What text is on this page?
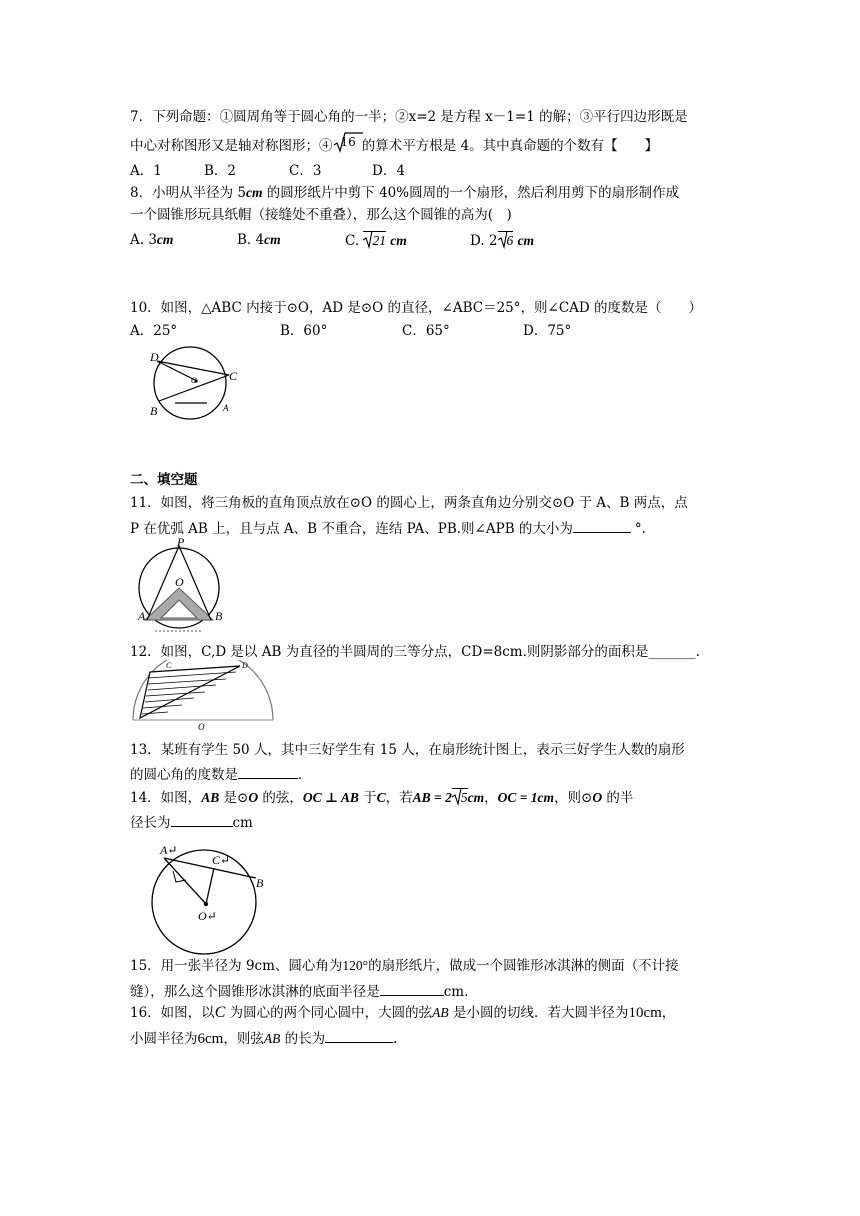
7．下列命题：①圆周角等于圆心角的一半；②x=2 是方程 x－1=1 的解；③平行四边形既是
中心对称图形又是轴对称图形；④ 16 的算术平方根是 4。其中真命题的个数有【　　】
A．1	B．2	C．3	D．4
8．小明从半径为 5cm 的圆形纸片中剪下 40%圆周的一个扇形，然后利用剪下的扇形制作成
一个圆锥形玩具纸帽（接缝处不重叠），那么这个圆锥的高为(　)
A. 3cm	B. 4cm	C.
21 cm	D. 2 6 cm
10．如图，△ABC 内接于⊙O，AD 是⊙O 的直径，∠ABC＝25°，则∠CAD 的度数是（　　）
A．25°	B．60°	C．65°	D．75°
D
O	C
B	A
二、填空题
11．如图，将三角板的直角顶点放在⊙O 的圆心上，两条直角边分别交⊙O 于 A、B 两点，点
P 在优弧 AB 上，且与点 A、B 不重合，连结 PA、PB.则∠APB 的大小为	°．
P
O
A	B
12．如图，C,D 是以 AB 为直径的半圆周的三等分点，CD=8cm.则阴影部分的面积是_______.
C	D
O
13．某班有学生 50 人，其中三好学生有 15 人，在扇形统计图上，表示三好学生人数的扇形
的圆心角的度数是	．
14．如图，AB 是⊙O 的弦，OC ⊥ AB 于C，若AB = 2 5cm，OC = 1cm，则⊙O 的半
径长为	cm
A↵
C↵
B
O↵
15．用一张半径为 9cm、圆心角为120°的扇形纸片，做成一个圆锥形冰淇淋的侧面（不计接
缝），那么这个圆锥形冰淇淋的底面半径是	cm.
16．如图，以C 为圆心的两个同心圆中，大圆的弦AB 是小圆的切线．若大圆半径为10cm，
小圆半径为6cm，则弦AB 的长为	.
